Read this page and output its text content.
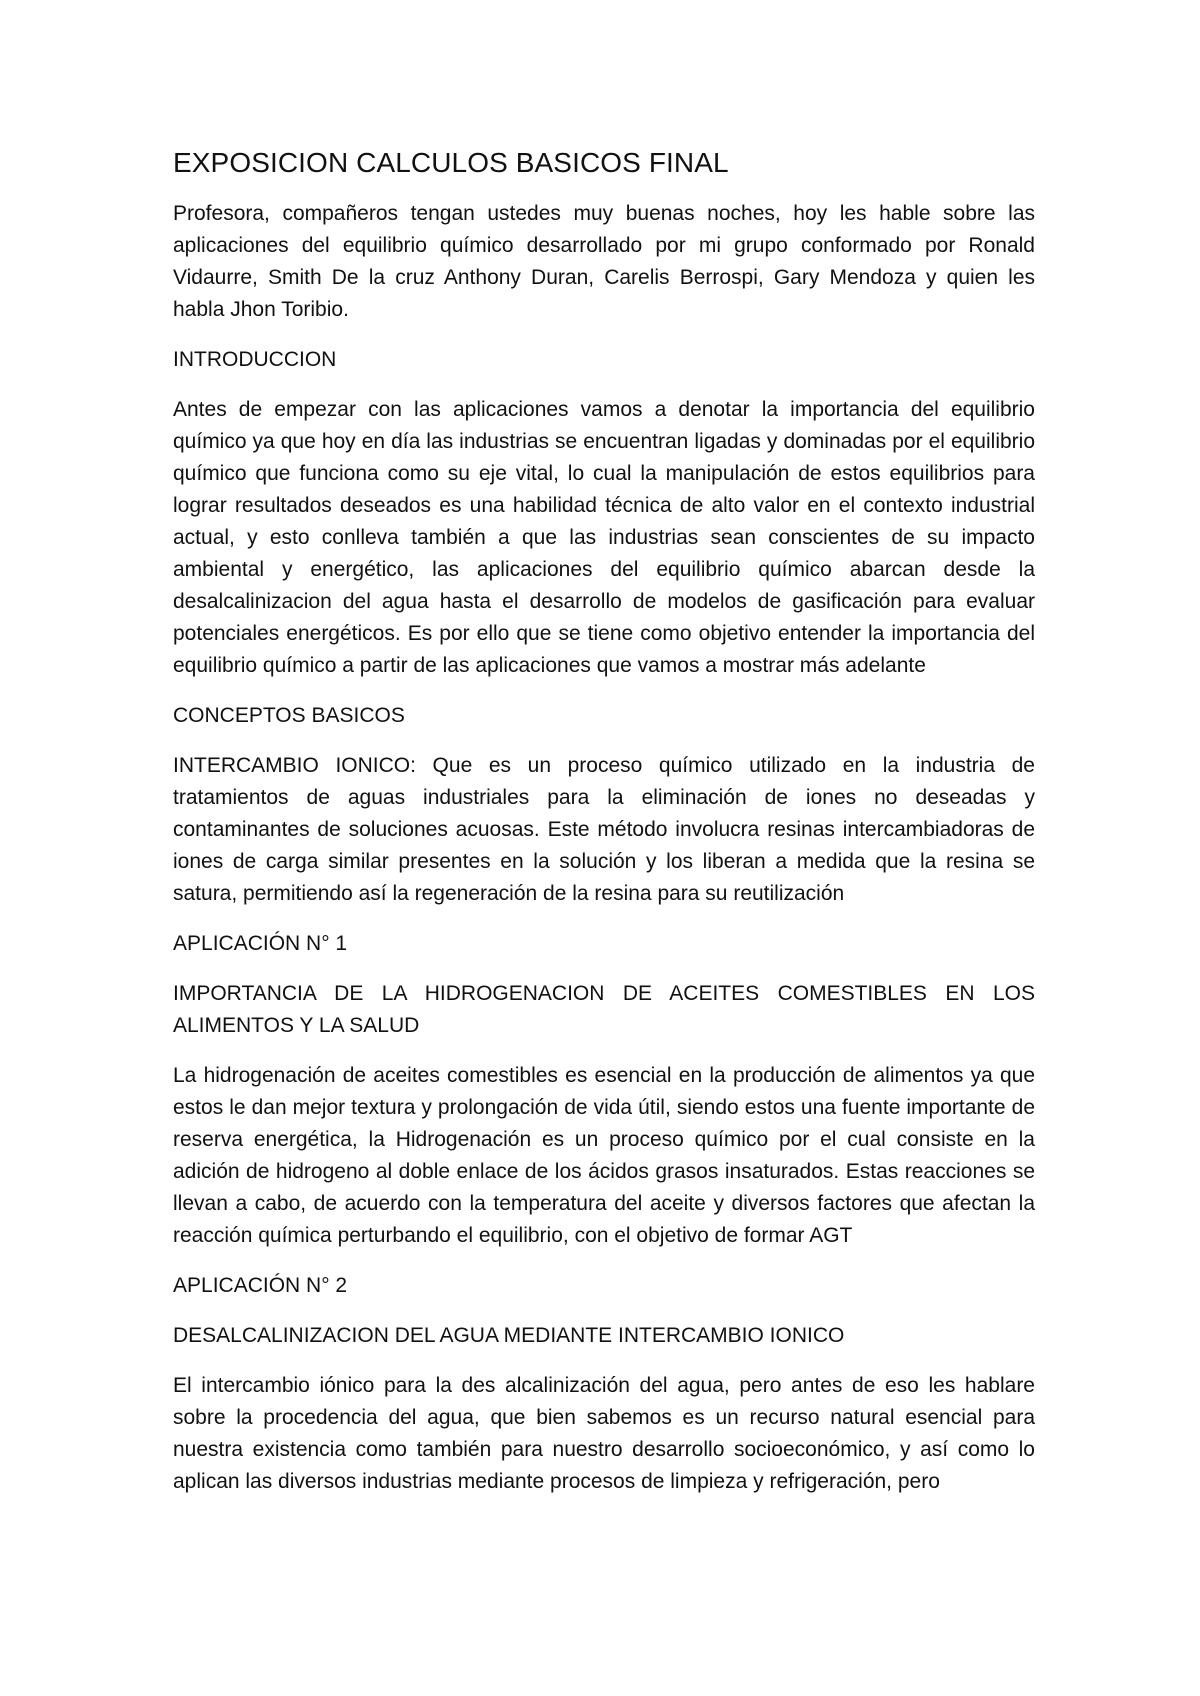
EXPOSICION CALCULOS BASICOS FINAL

Profesora, compañeros tengan ustedes muy buenas noches, hoy les hable sobre las aplicaciones del equilibrio químico desarrollado por mi grupo conformado por Ronald Vidaurre, Smith De la cruz Anthony Duran, Carelis Berrospi, Gary Mendoza y quien les habla Jhon Toribio.

INTRODUCCION

Antes de empezar con las aplicaciones vamos a denotar la importancia del equilibrio químico ya que hoy en día las industrias se encuentran ligadas y dominadas por el equilibrio químico que funciona como su eje vital, lo cual la manipulación de estos equilibrios para lograr resultados deseados es una habilidad técnica de alto valor en el contexto industrial actual, y esto conlleva también a que las industrias sean conscientes de su impacto ambiental y energético, las aplicaciones del equilibrio químico abarcan desde la desalcalinizacion del agua hasta el desarrollo de modelos de gasificación para evaluar potenciales energéticos. Es por ello que se tiene como objetivo entender la importancia del equilibrio químico a partir de las aplicaciones que vamos a mostrar más adelante

CONCEPTOS BASICOS

INTERCAMBIO IONICO: Que es un proceso químico utilizado en la industria de tratamientos de aguas industriales para la eliminación de iones no deseadas y contaminantes de soluciones acuosas. Este método involucra resinas intercambiadoras de iones de carga similar presentes en la solución y los liberan a medida que la resina se satura, permitiendo así la regeneración de la resina para su reutilización

APLICACIÓN N° 1
IMPORTANCIA DE LA HIDROGENACION DE ACEITES COMESTIBLES EN LOS ALIMENTOS Y LA SALUD

La hidrogenación de aceites comestibles es esencial en la producción de alimentos ya que estos le dan mejor textura y prolongación de vida útil, siendo estos una fuente importante de reserva energética, la Hidrogenación es un proceso químico por el cual consiste en la adición de hidrogeno al doble enlace de los ácidos grasos insaturados. Estas reacciones se llevan a cabo, de acuerdo con la temperatura del aceite y diversos factores que afectan la reacción química perturbando el equilibrio, con el objetivo de formar AGT

APLICACIÓN N° 2
DESALCALINIZACION DEL AGUA MEDIANTE INTERCAMBIO IONICO

El intercambio iónico para la des alcalinización del agua, pero antes de eso les hablare sobre la procedencia del agua, que bien sabemos es un recurso natural esencial para nuestra existencia como también para nuestro desarrollo socioeconómico, y así como lo aplican las diversos industrias mediante procesos de limpieza y refrigeración, pero
